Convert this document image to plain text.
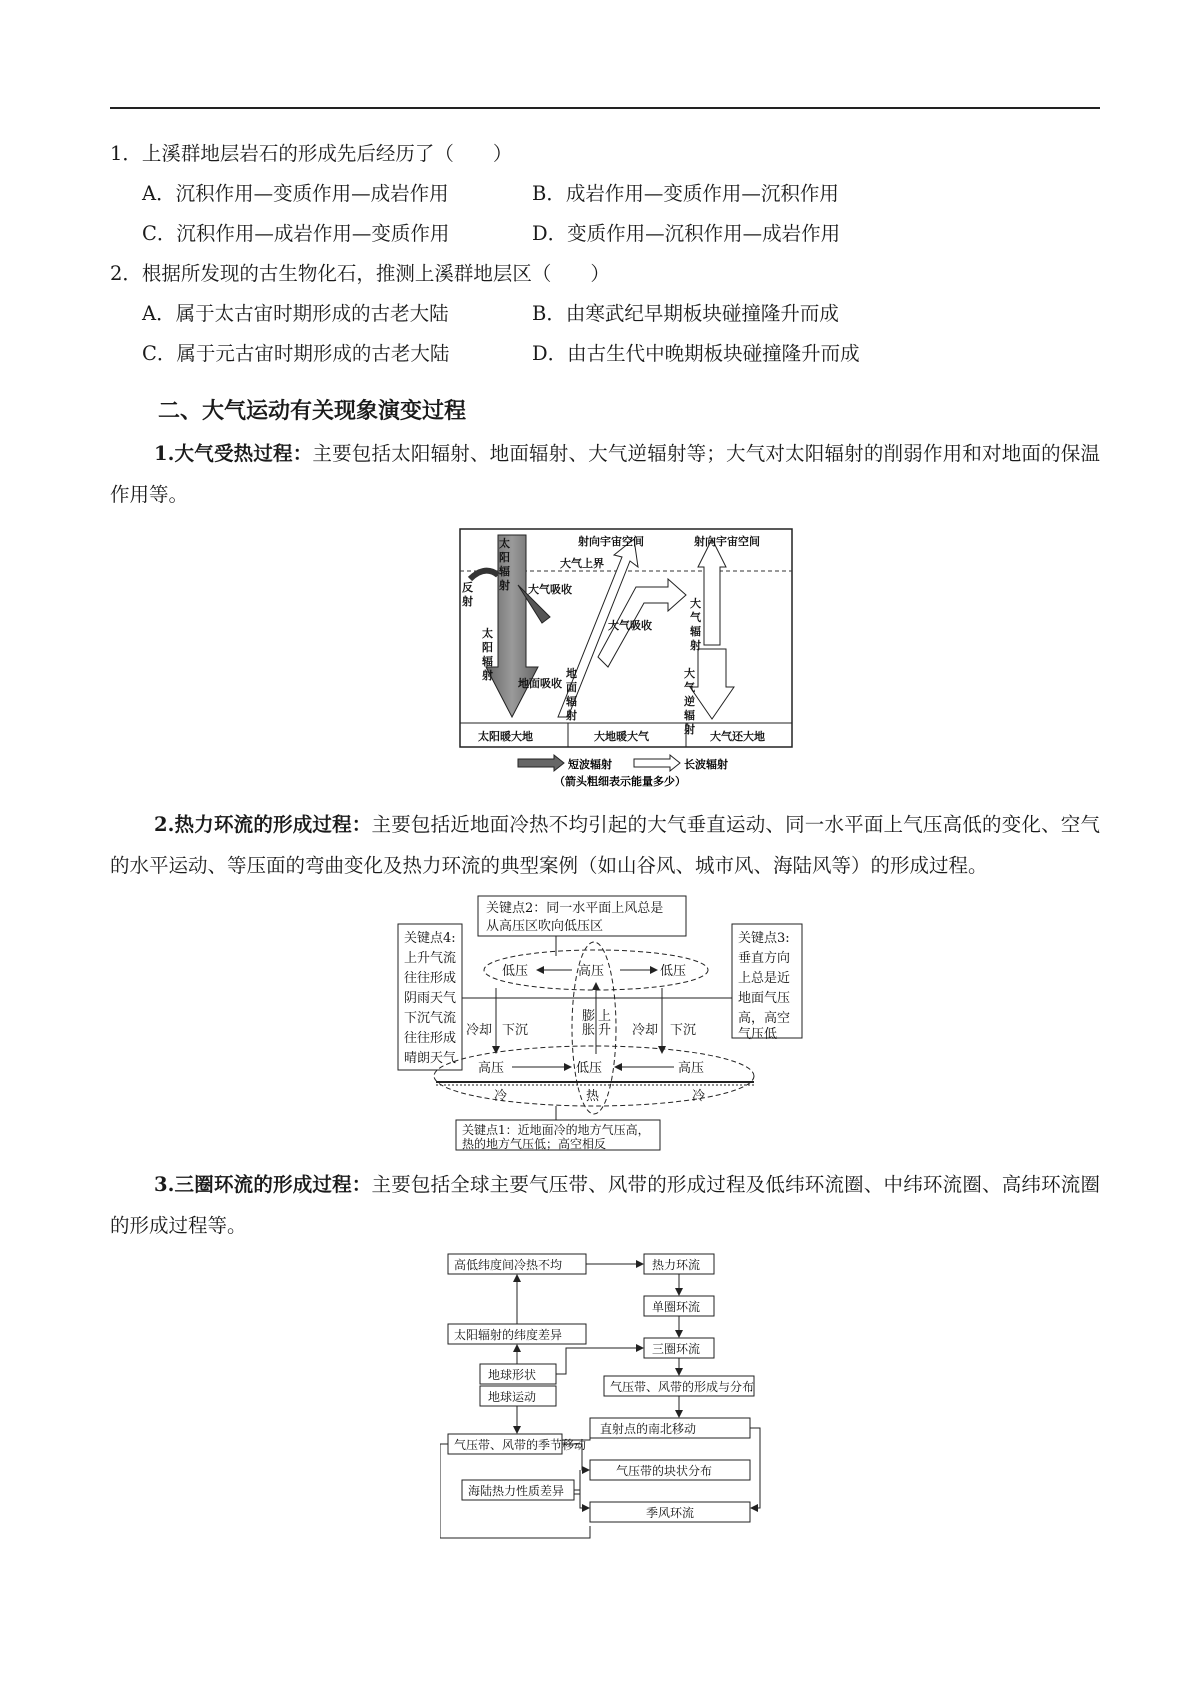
1．上溪群地层岩石的形成先后经历了（　　）
A．沉积作用—变质作用—成岩作用	B．成岩作用—变质作用—沉积作用
C．沉积作用—成岩作用—变质作用	D．变质作用—沉积作用—成岩作用
2．根据所发现的古生物化石，推测上溪群地层区（　　）
A．属于太古宙时期形成的古老大陆	B．由寒武纪早期板块碰撞隆升而成
C．属于元古宙时期形成的古老大陆	D．由古生代中晚期板块碰撞隆升而成
二、大气运动有关现象演变过程
1.大气受热过程：主要包括太阳辐射、地面辐射、大气逆辐射等；大气对太阳辐射的削弱作用和对地面的保温作用等。
太阳辐射
射向宇宙空间	射向宇宙空间
大气上界
反射
大气吸收
太阳辐射
地面吸收
大气吸收
地面辐射
大气辐射
大气逆辐射
太阳暖大地	大地暖大气	大气还大地
短波辐射	长波辐射
（箭头粗细表示能量多少）
2.热力环流的形成过程：主要包括近地面冷热不均引起的大气垂直运动、同一水平面上气压高低的变化、空气的水平运动、等压面的弯曲变化及热力环流的典型案例（如山谷风、城市风、海陆风等）的形成过程。
关键点2：同一水平面上风总是
从高压区吹向低压区
关键点4:
上升气流
往往形成
阴雨天气
下沉气流
往往形成
晴朗天气
关键点3:
垂直方向
上总是近
地面气压
高，高空
气压低
低压	高压	低压
膨胀
上升
冷却 下沉	冷却 下沉
高压	低压	高压
冷	热	冷
关键点1：近地面冷的地方气压高，
热的地方气压低；高空相反
3.三圈环流的形成过程：主要包括全球主要气压带、风带的形成过程及低纬环流圈、中纬环流圈、高纬环流圈的形成过程等。
高低纬度间冷热不均	热力环流
单圈环流
太阳辐射的纬度差异
三圈环流
地球形状
地球运动
气压带、风带的形成与分布
直射点的南北移动
气压带、风带的季节移动
气压带的块状分布
海陆热力性质差异
季风环流
